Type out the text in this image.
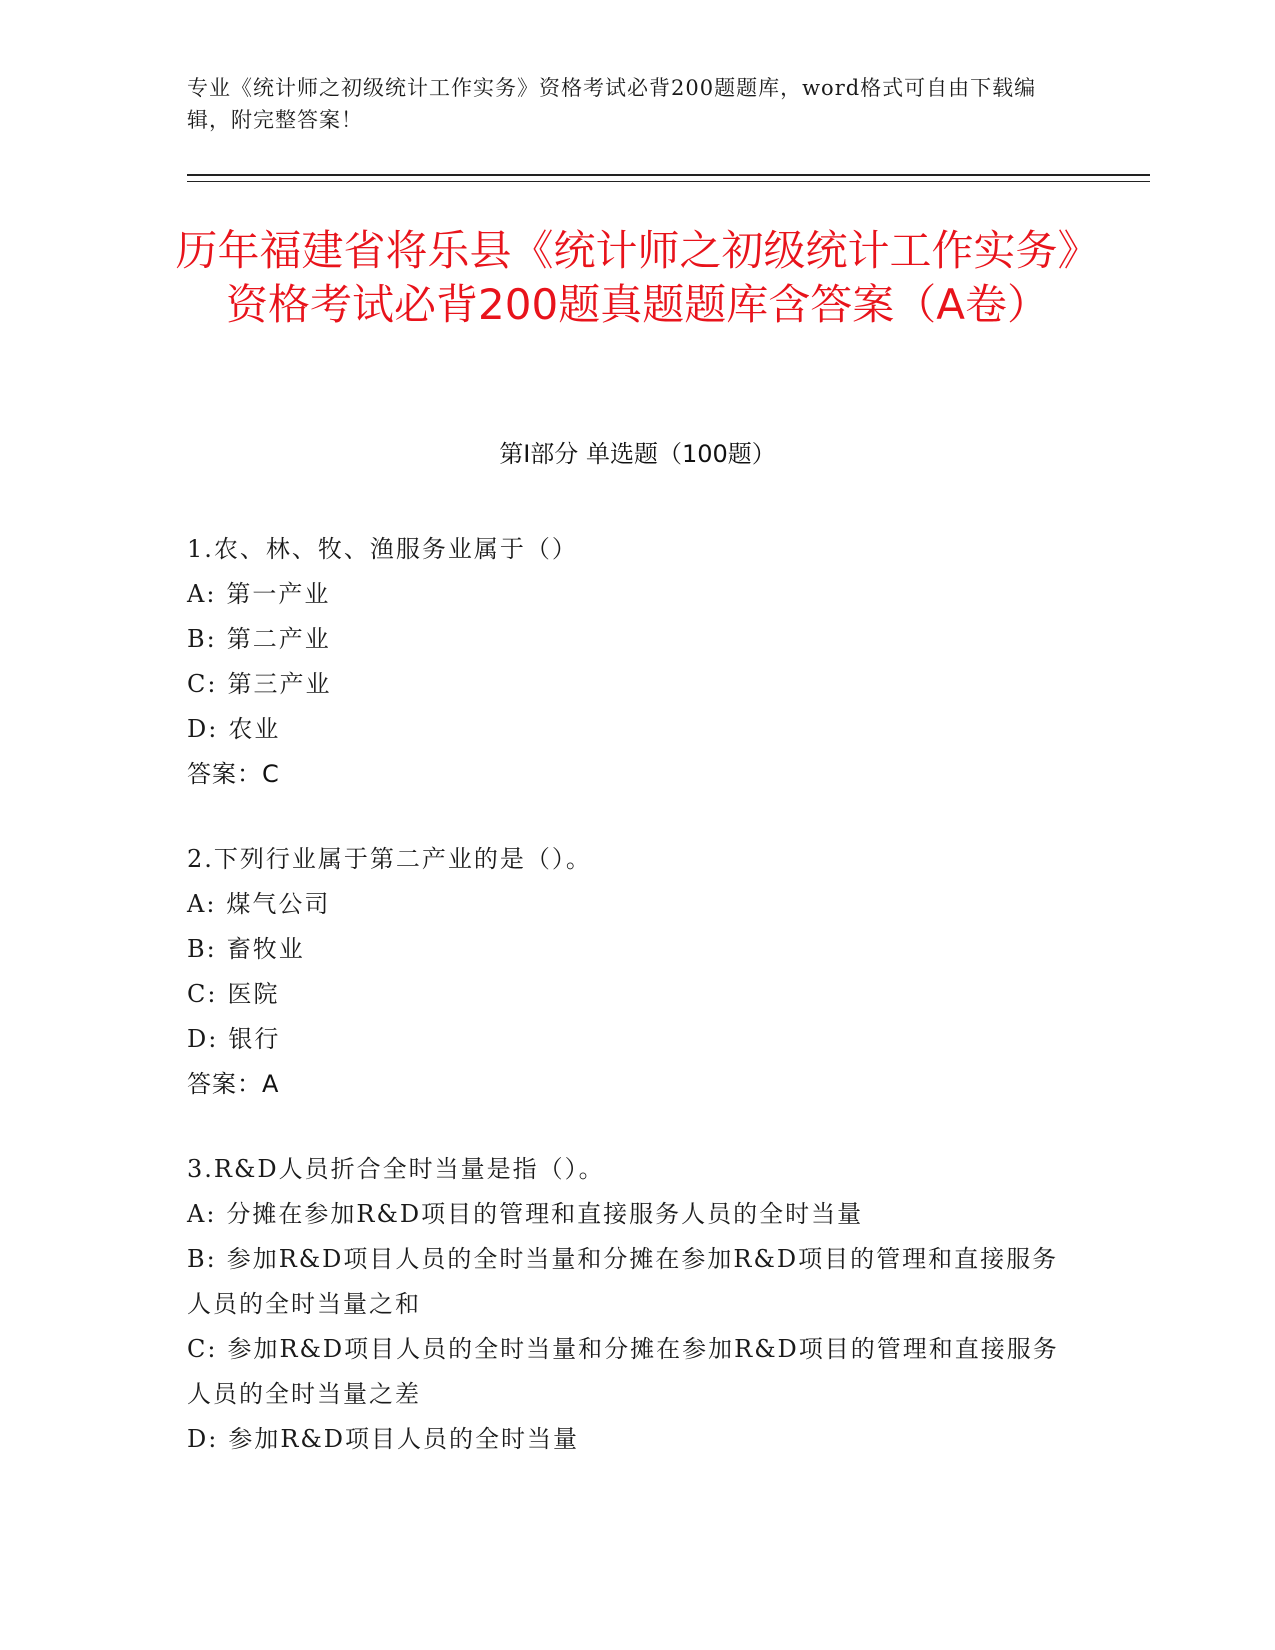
专业《统计师之初级统计工作实务》资格考试必背200题题库，word格式可自由下载编辑，附完整答案！
历年福建省将乐县《统计师之初级统计工作实务》资格考试必背200题真题题库含答案（A卷）
第I部分 单选题（100题）
1.农、林、牧、渔服务业属于（）
A: 第一产业
B: 第二产业
C: 第三产业
D: 农业
答案：C
2.下列行业属于第二产业的是（）。
A: 煤气公司
B: 畜牧业
C: 医院
D: 银行
答案：A
3.R&D人员折合全时当量是指（）。
A: 分摊在参加R&D项目的管理和直接服务人员的全时当量
B: 参加R&D项目人员的全时当量和分摊在参加R&D项目的管理和直接服务人员的全时当量之和
C: 参加R&D项目人员的全时当量和分摊在参加R&D项目的管理和直接服务人员的全时当量之差
D: 参加R&D项目人员的全时当量
